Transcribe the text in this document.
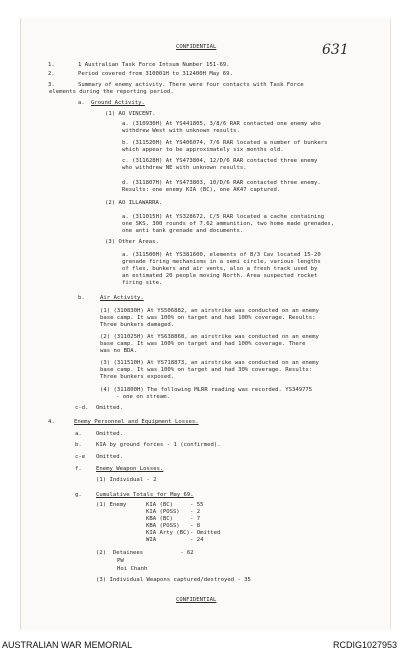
631
CONFIDENTIAL
1.	1 Australian Task Force Intsum Number 151-69.
2.	Period covered from 310001H to 312400H May 69.
3.	Summary of enemy activity. There were four contacts with Task Force
elements during the reporting period.
a. Ground Activity.
(1) AO VINCENT.
a. (310930H) At YS441805, 3/8/6 RAR contacted one enemy who
withdrew West with unknown results.
b. (311520H) At YS406074, 7/6 RAR located a number of bunkers
which appear to be approximately six months old.
c. (311628H) At YS473804, 12/D/6 RAR contacted three enemy
who withdrew NE with unknown results.
d. (311807H) At YS473803, 10/D/6 RAR contacted three enemy.
Results: one enemy KIA (BC), one AK47 captured.
(2) AO ILLAWARRA.
a. (311015H) At YS328672, C/5 RAR located a cache containing
one SKS, 300 rounds of 7.62 ammunition, two home made grenades,
one anti tank grenade and documents.
(3) Other Areas.
a. (311500H) At YS381600, elements of B/3 Cav located 15-20
grenade firing mechanisms in a semi circle, various lengths
of flex, bunkers and air vents, also a fresh track used by
an estimated 20 people moving North. Area suspected rocket
firing site.
b.	Air Activity.
(1) (310830H) At YS506882, an airstrike was conducted on an enemy
base camp. It was 100% on target and had 100% coverage. Results:
Three bunkers damaged.
(2) (311025H) At YS638868, an airstrike was conducted on an enemy
base camp. It was 100% on target and had 100% coverage. There
was no BDA.
(3) (311510H) At YS718873, an airstrike was conducted on an enemy
base camp. It was 100% on target and had 30% coverage. Results:
Three bunkers exposed.
(4) (311800H) The following MLRR reading was recorded. YS349775
- one on stream.
c-d. Omitted.
4.	Enemy Personnel and Equipment Losses.
a.	Omitted.
b.	KIA by ground forces - 1 (confirmed).
c-e Omitted.
f.	Enemy Weapon Losses.
(1) Individual - 2
g.	Cumulative Totals for May 69.
(1) Enemy	KIA (BC)	- 55
KIA (POSS) - 2
KBA (BC)	- 7
KBA (POSS) - 8
KIA Arty (BC)- Omitted
WIA	- 24
(2)  Detainees           - 62
PW
Hoi Chanh
(3) Individual Weapons captured/destroyed - 35
CONFIDENTIAL
AUSTRALIAN WAR MEMORIAL	RCDIG1027953
